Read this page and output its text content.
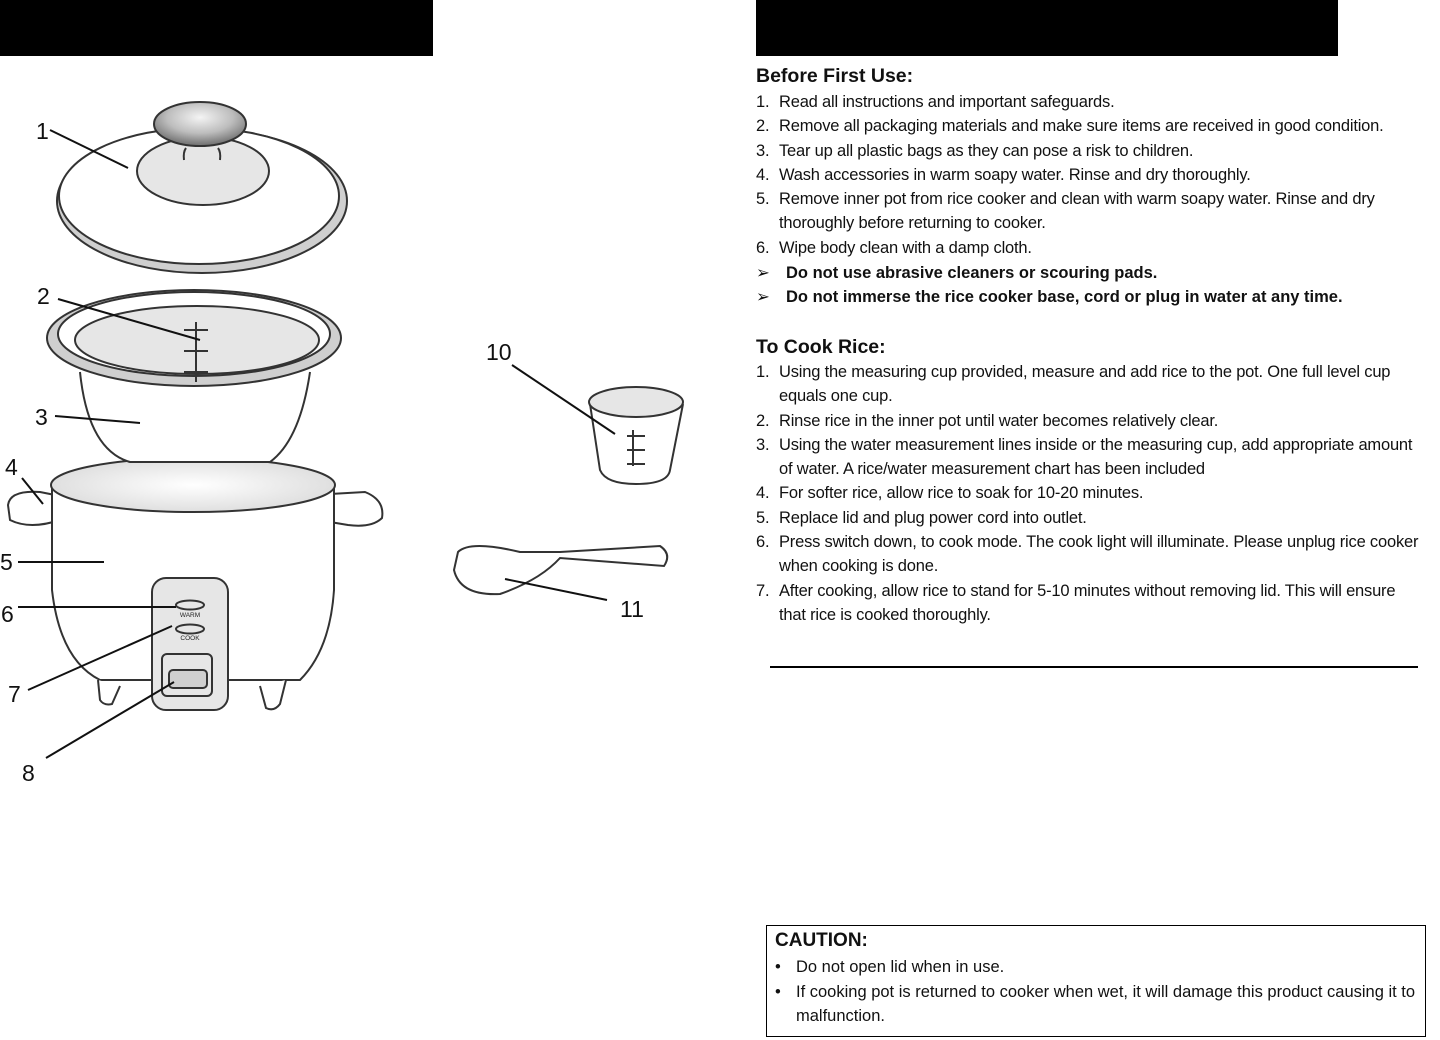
WARM
COOK
1
2
3
4
5
6
7
8
10
11
Before First Use:
1. Read all instructions and important safeguards.
2. Remove all packaging materials and make sure items are received in good condition.
3. Tear up all plastic bags as they can pose a risk to children.
4. Wash accessories in warm soapy water. Rinse and dry thoroughly.
5. Remove inner pot from rice cooker and clean with warm soapy water. Rinse and dry thoroughly before returning to cooker.
6. Wipe body clean with a damp cloth.
➢ Do not use abrasive cleaners or scouring pads.
➢ Do not immerse the rice cooker base, cord or plug in water at any time.
To Cook Rice:
1. Using the measuring cup provided, measure and add rice to the pot. One full level cup equals one cup.
2. Rinse rice in the inner pot until water becomes relatively clear.
3. Using the water measurement lines inside or the measuring cup, add appropriate amount of water. A rice/water measurement chart has been included
4. For softer rice, allow rice to soak for 10-20 minutes.
5. Replace lid and plug power cord into outlet.
6. Press switch down, to cook mode. The cook light will illuminate. Please unplug rice cooker when cooking is done.
7. After cooking, allow rice to stand for 5-10 minutes without removing lid. This will ensure that rice is cooked thoroughly.

CAUTION:

• Do not open lid when in use.
• If cooking pot is returned to cooker when wet, it will damage this product causing it to malfunction.
